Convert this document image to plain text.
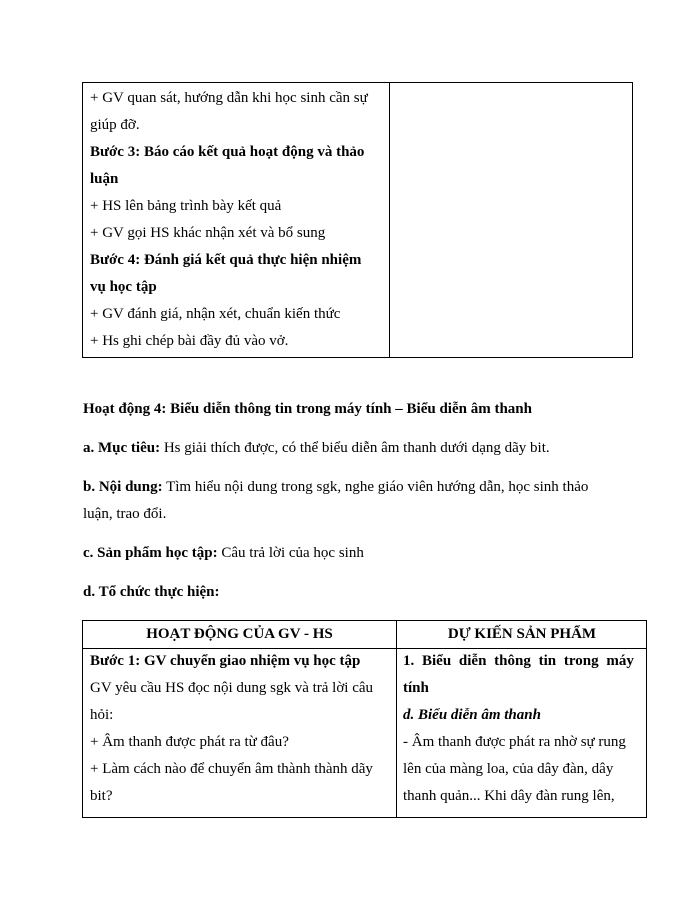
+ GV quan sát, hướng dẫn khi học sinh cần sự
giúp đỡ.
Bước 3: Báo cáo kết quả hoạt động và thảo
luận
+ HS lên bảng trình bày kết quả
+ GV gọi HS khác nhận xét và bổ sung
Bước 4: Đánh giá kết quả thực hiện nhiệm
vụ học tập
+ GV đánh giá, nhận xét, chuẩn kiến thức
+ Hs ghi chép bài đầy đủ vào vở.
Hoạt động 4: Biểu diễn thông tin trong máy tính – Biểu diễn âm thanh
a. Mục tiêu: Hs giải thích được, có thể biểu diễn âm thanh dưới dạng dãy bit.
b. Nội dung: Tìm hiểu nội dung trong sgk, nghe giáo viên hướng dẫn, học sinh thảo
luận, trao đổi.
c. Sản phẩm học tập: Câu trả lời của học sinh
d. Tổ chức thực hiện:
HOẠT ĐỘNG CỦA GV - HS	DỰ KIẾN SẢN PHẨM
Bước 1: GV chuyển giao nhiệm vụ học tập
GV yêu cầu HS đọc nội dung sgk và trả lời câu
hỏi:
+ Âm thanh được phát ra từ đâu?
+ Làm cách nào để chuyển âm thành thành dãy
bit?
1. Biểu diễn thông tin trong máy
tính
d. Biểu diễn âm thanh
- Âm thanh được phát ra nhờ sự rung
lên của màng loa, của dây đàn, dây
thanh quản... Khi dây đàn rung lên,
